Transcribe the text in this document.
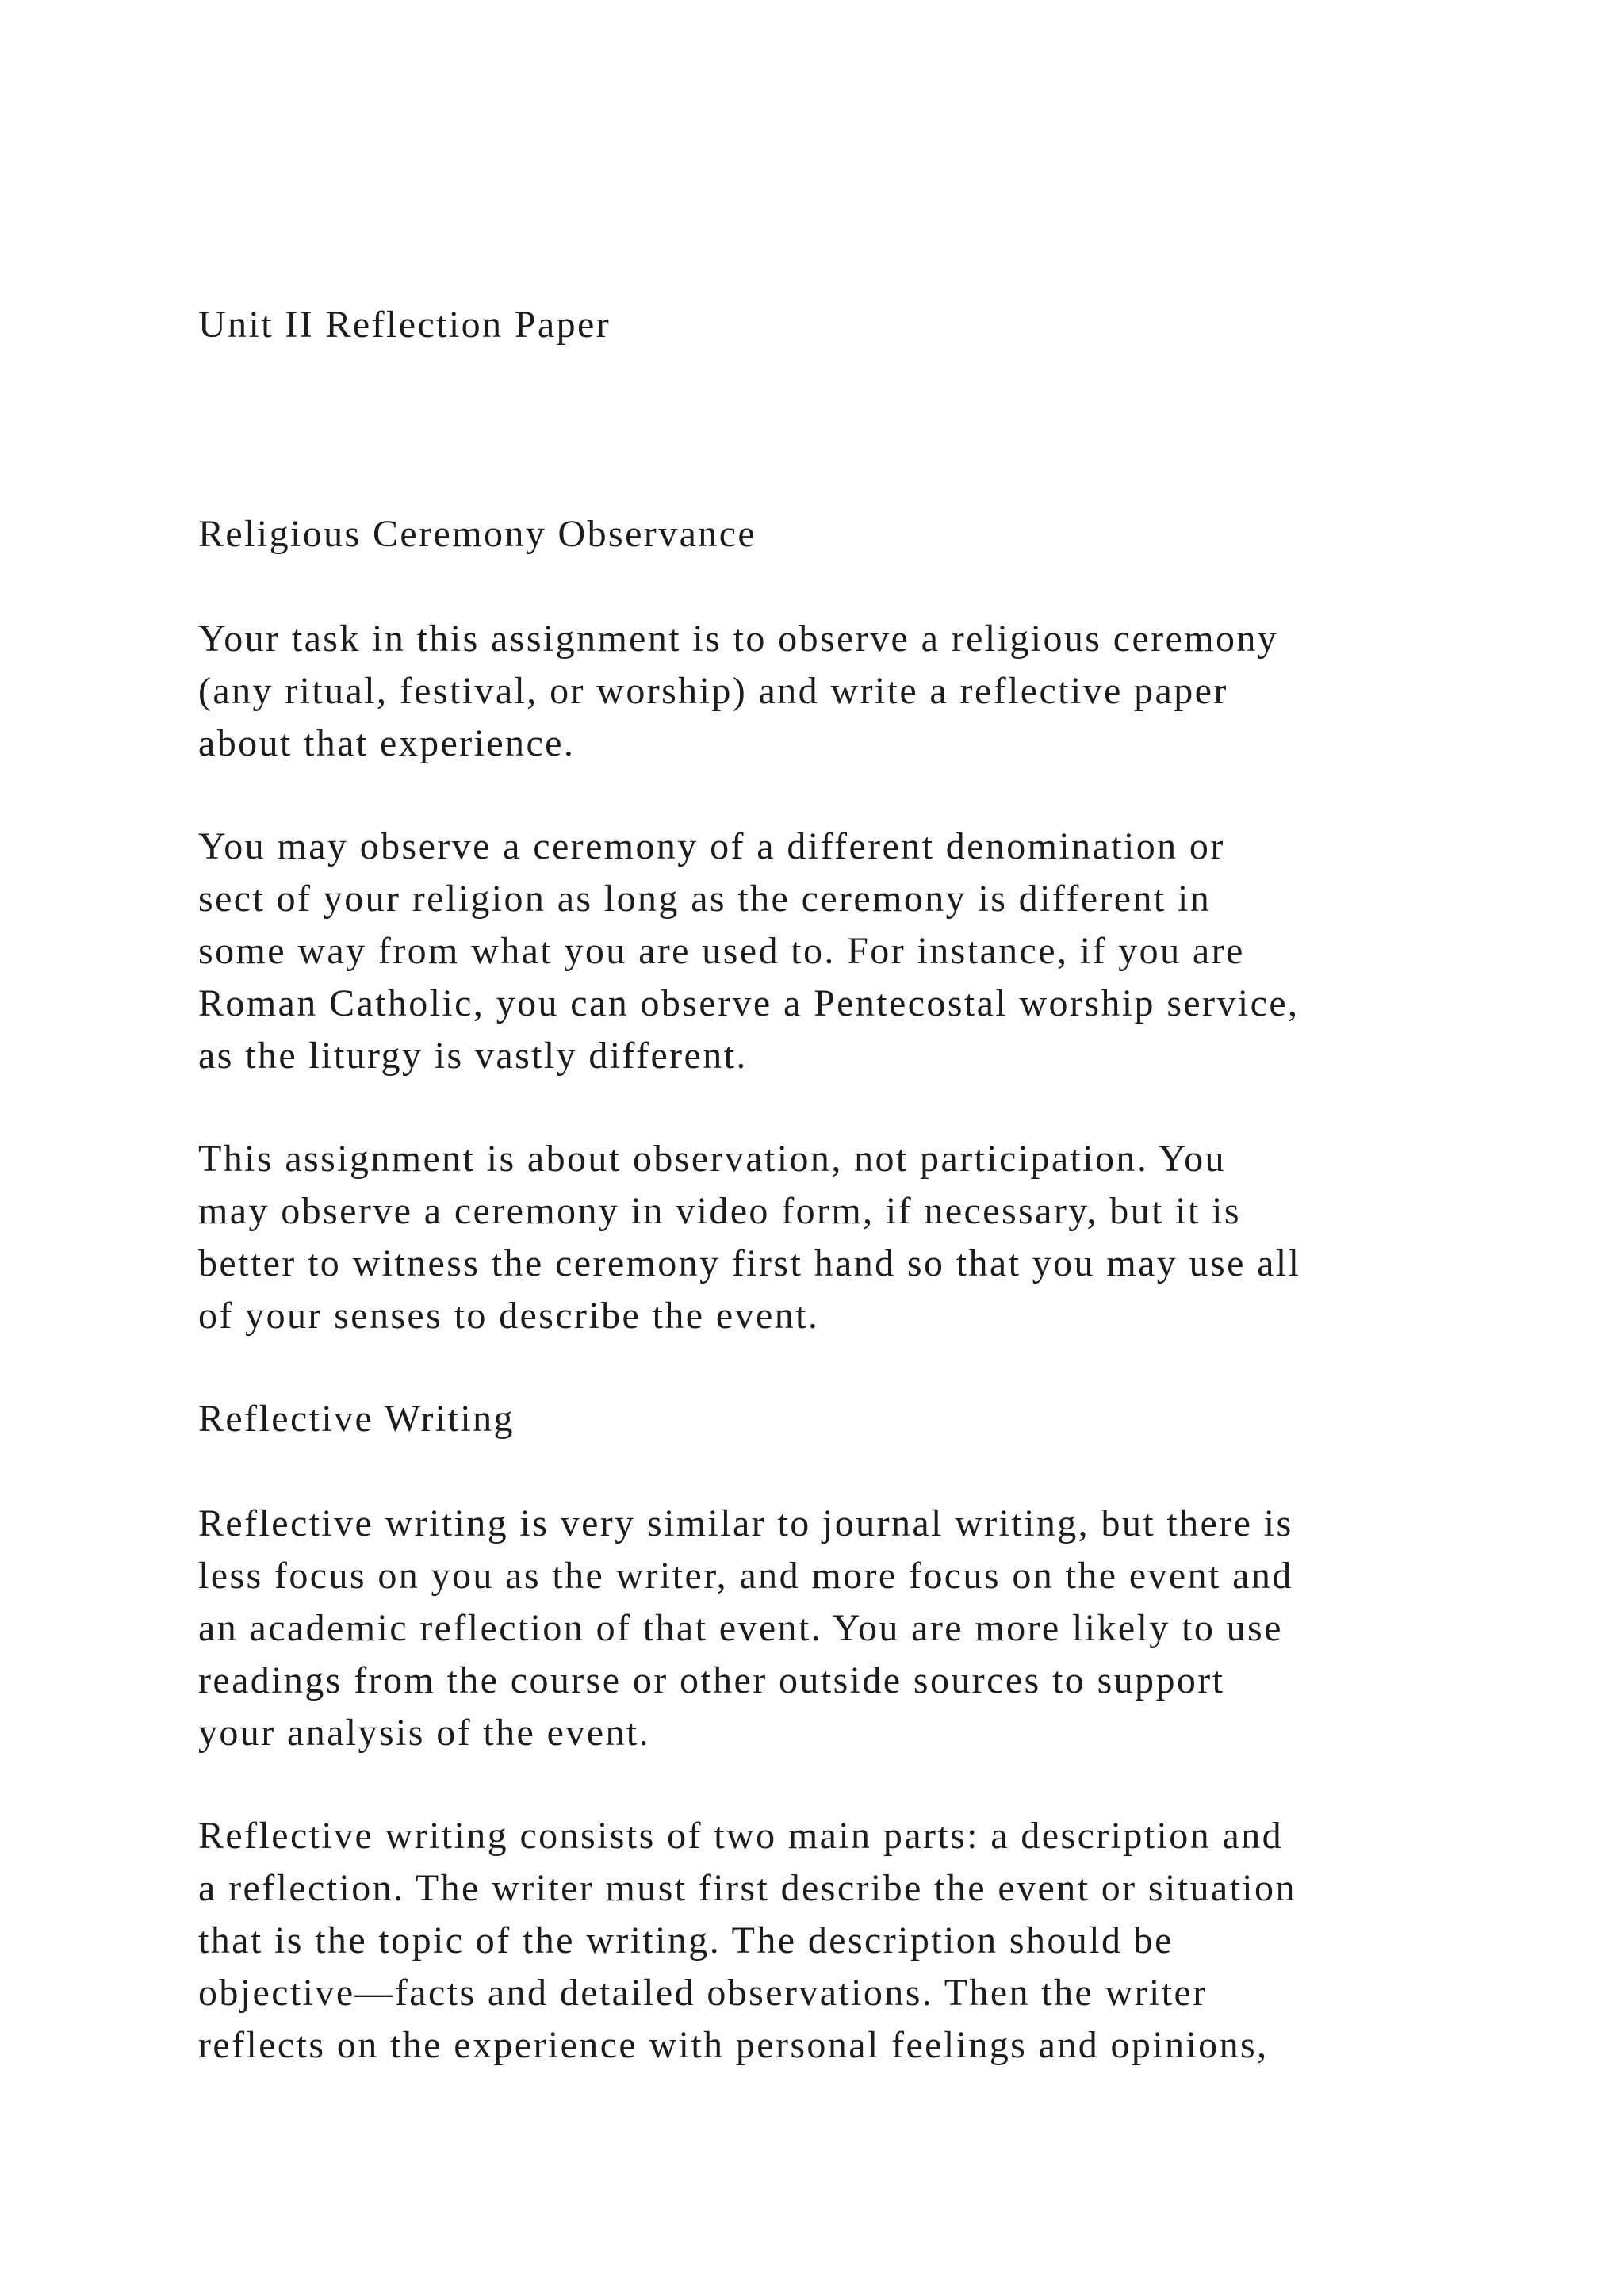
Unit II Reflection Paper
Religious Ceremony Observance
Your task in this assignment is to observe a religious ceremony
(any ritual, festival, or worship) and write a reflective paper
about that experience.
You may observe a ceremony of a different denomination or
sect of your religion as long as the ceremony is different in
some way from what you are used to. For instance, if you are
Roman Catholic, you can observe a Pentecostal worship service,
as the liturgy is vastly different.
This assignment is about observation, not participation. You
may observe a ceremony in video form, if necessary, but it is
better to witness the ceremony first hand so that you may use all
of your senses to describe the event.
Reflective Writing
Reflective writing is very similar to journal writing, but there is
less focus on you as the writer, and more focus on the event and
an academic reflection of that event. You are more likely to use
readings from the course or other outside sources to support
your analysis of the event.
Reflective writing consists of two main parts: a description and
a reflection. The writer must first describe the event or situation
that is the topic of the writing. The description should be
objective—facts and detailed observations. Then the writer
reflects on the experience with personal feelings and opinions,
